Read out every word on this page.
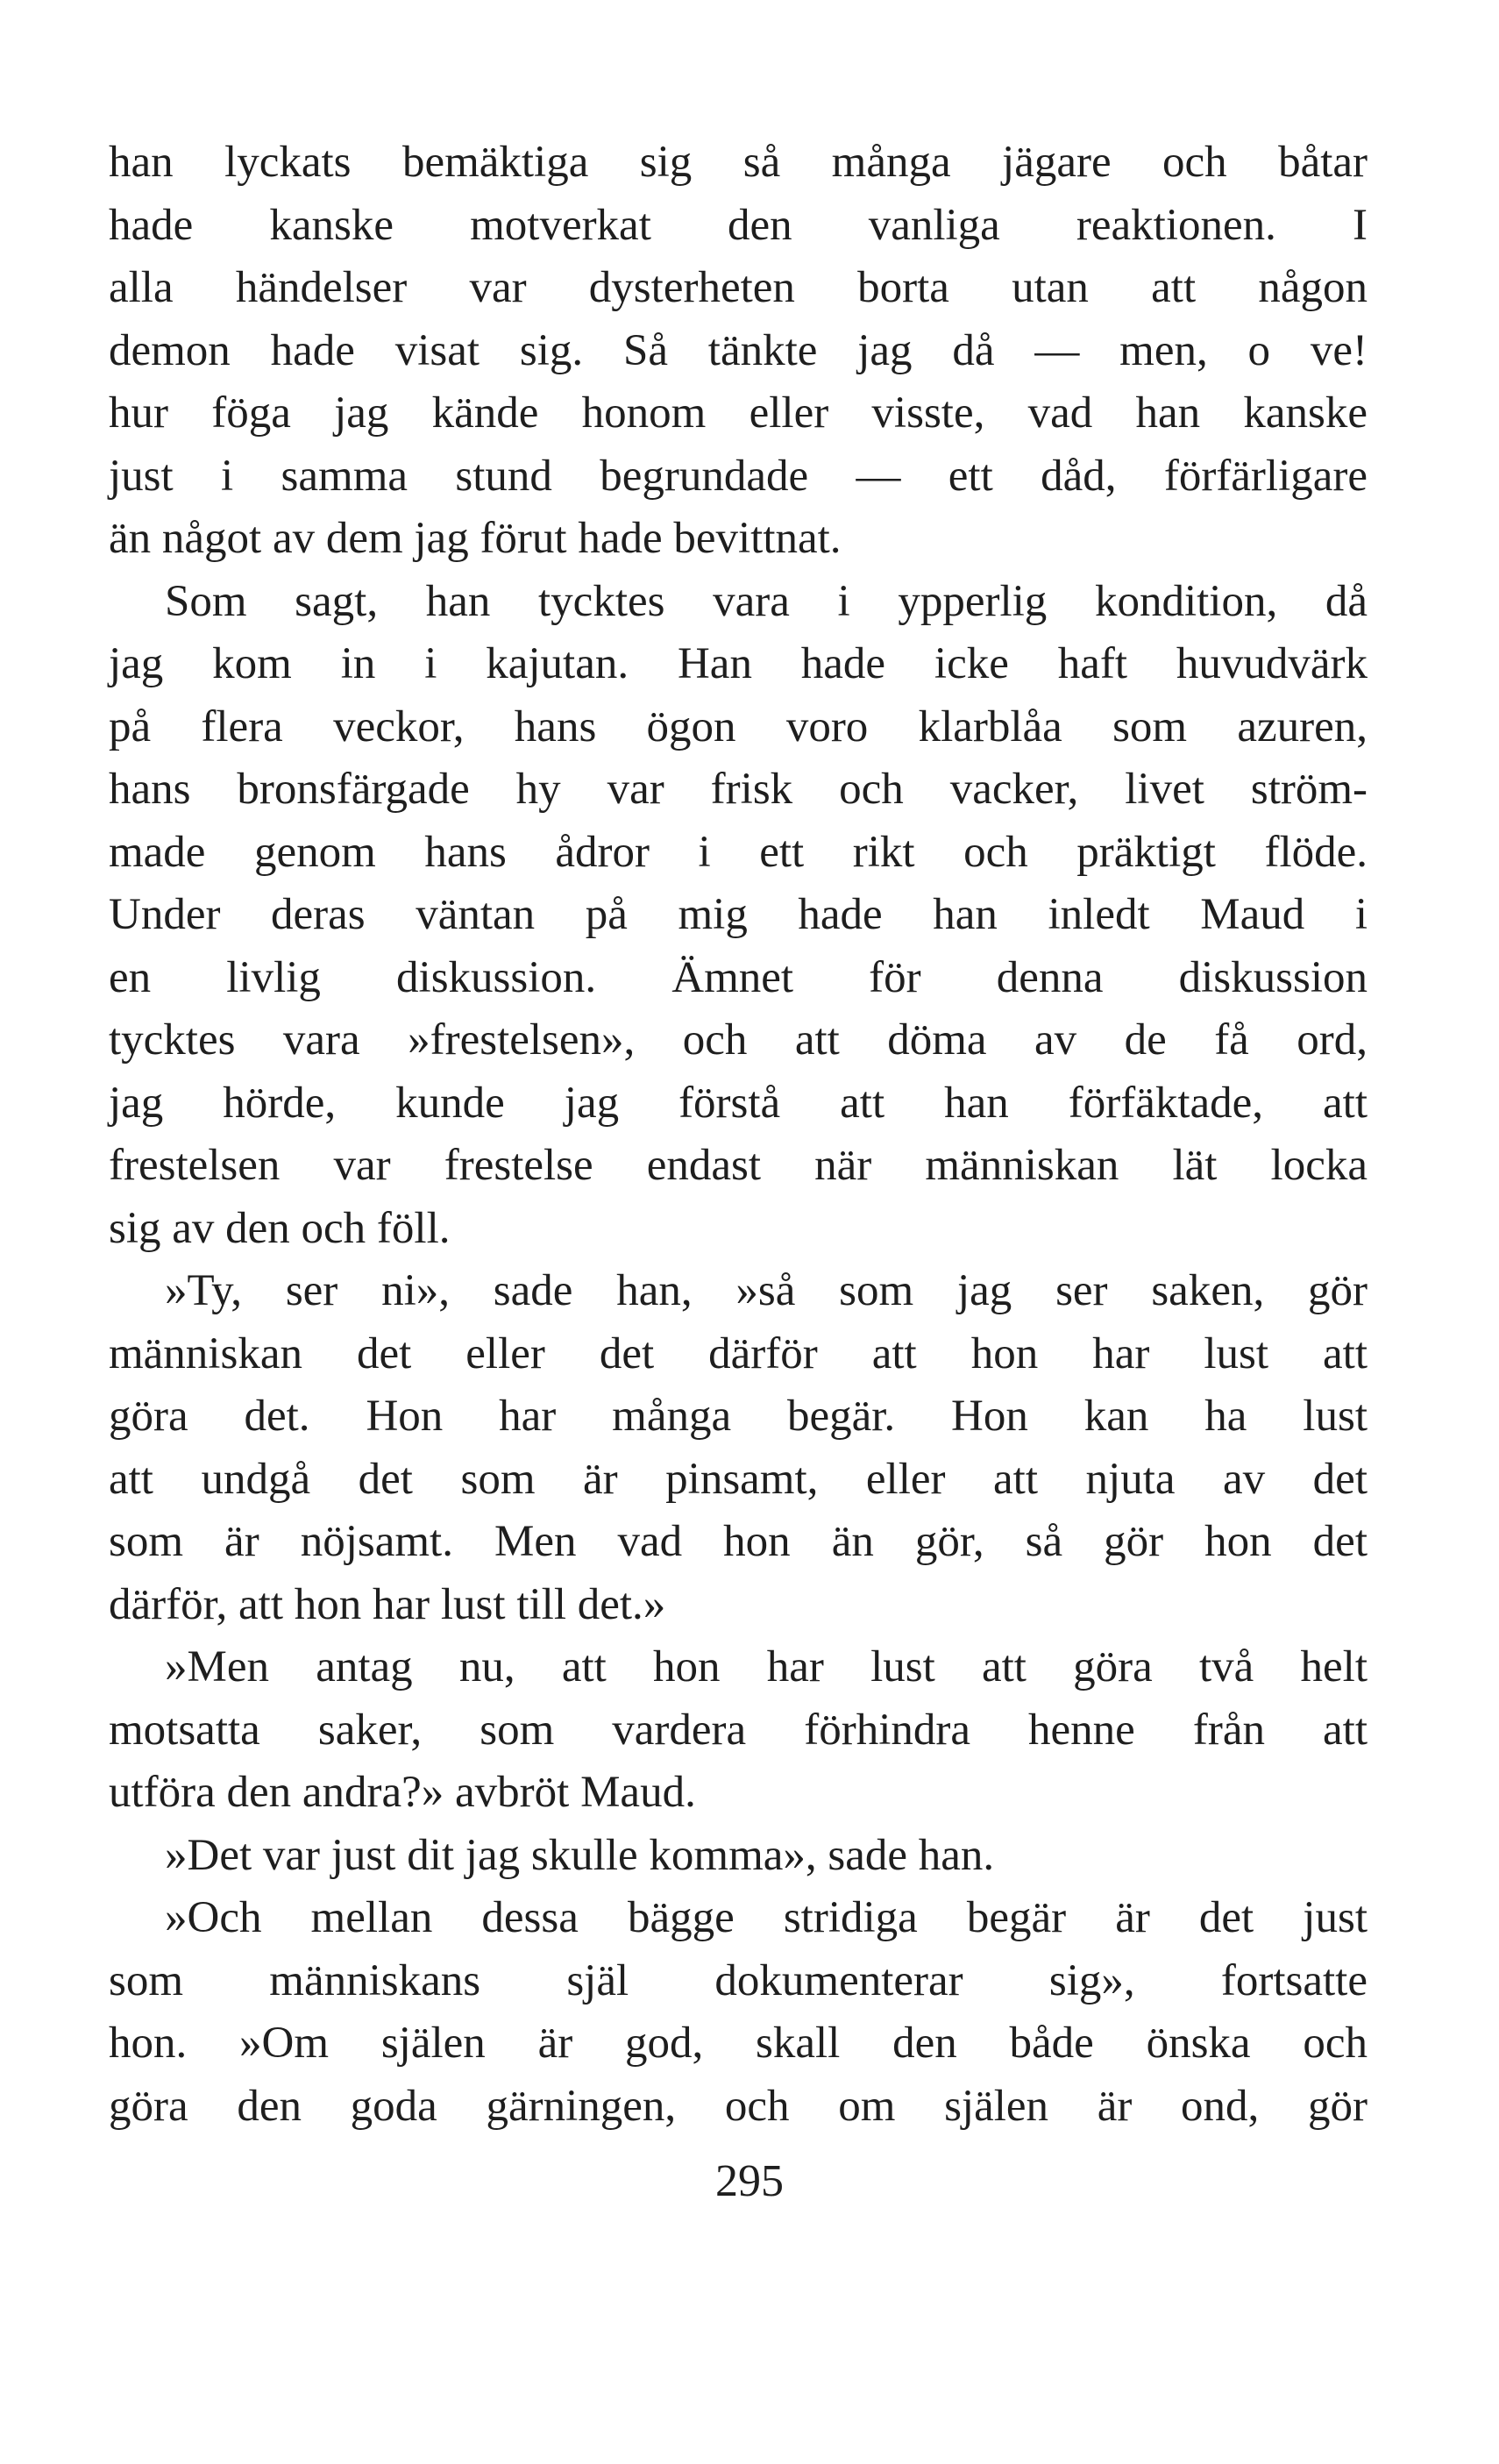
han lyckats bemäktiga sig så många jägare och båtar
hade kanske motverkat den vanliga reaktionen. I
alla händelser var dysterheten borta utan att någon
demon hade visat sig. Så tänkte jag då — men, o ve!
hur föga jag kände honom eller visste, vad han kanske
just i samma stund begrundade — ett dåd, förfärligare
än något av dem jag förut hade bevittnat.
Som sagt, han tycktes vara i ypperlig kondition, då
jag kom in i kajutan. Han hade icke haft huvudvärk
på flera veckor, hans ögon voro klarblåa som azuren,
hans bronsfärgade hy var frisk och vacker, livet ström-
made genom hans ådror i ett rikt och präktigt flöde.
Under deras väntan på mig hade han inledt Maud i
en livlig diskussion. Ämnet för denna diskussion
tycktes vara »frestelsen», och att döma av de få ord,
jag hörde, kunde jag förstå att han förfäktade, att
frestelsen var frestelse endast när människan lät locka
sig av den och föll.
»Ty, ser ni», sade han, »så som jag ser saken, gör
människan det eller det därför att hon har lust att
göra det. Hon har många begär. Hon kan ha lust
att undgå det som är pinsamt, eller att njuta av det
som är nöjsamt. Men vad hon än gör, så gör hon det
därför, att hon har lust till det.»
»Men antag nu, att hon har lust att göra två helt
motsatta saker, som vardera förhindra henne från att
utföra den andra?» avbröt Maud.
»Det var just dit jag skulle komma», sade han.
»Och mellan dessa bägge stridiga begär är det just
som människans själ dokumenterar sig», fortsatte
hon. »Om själen är god, skall den både önska och
göra den goda gärningen, och om själen är ond, gör
295
